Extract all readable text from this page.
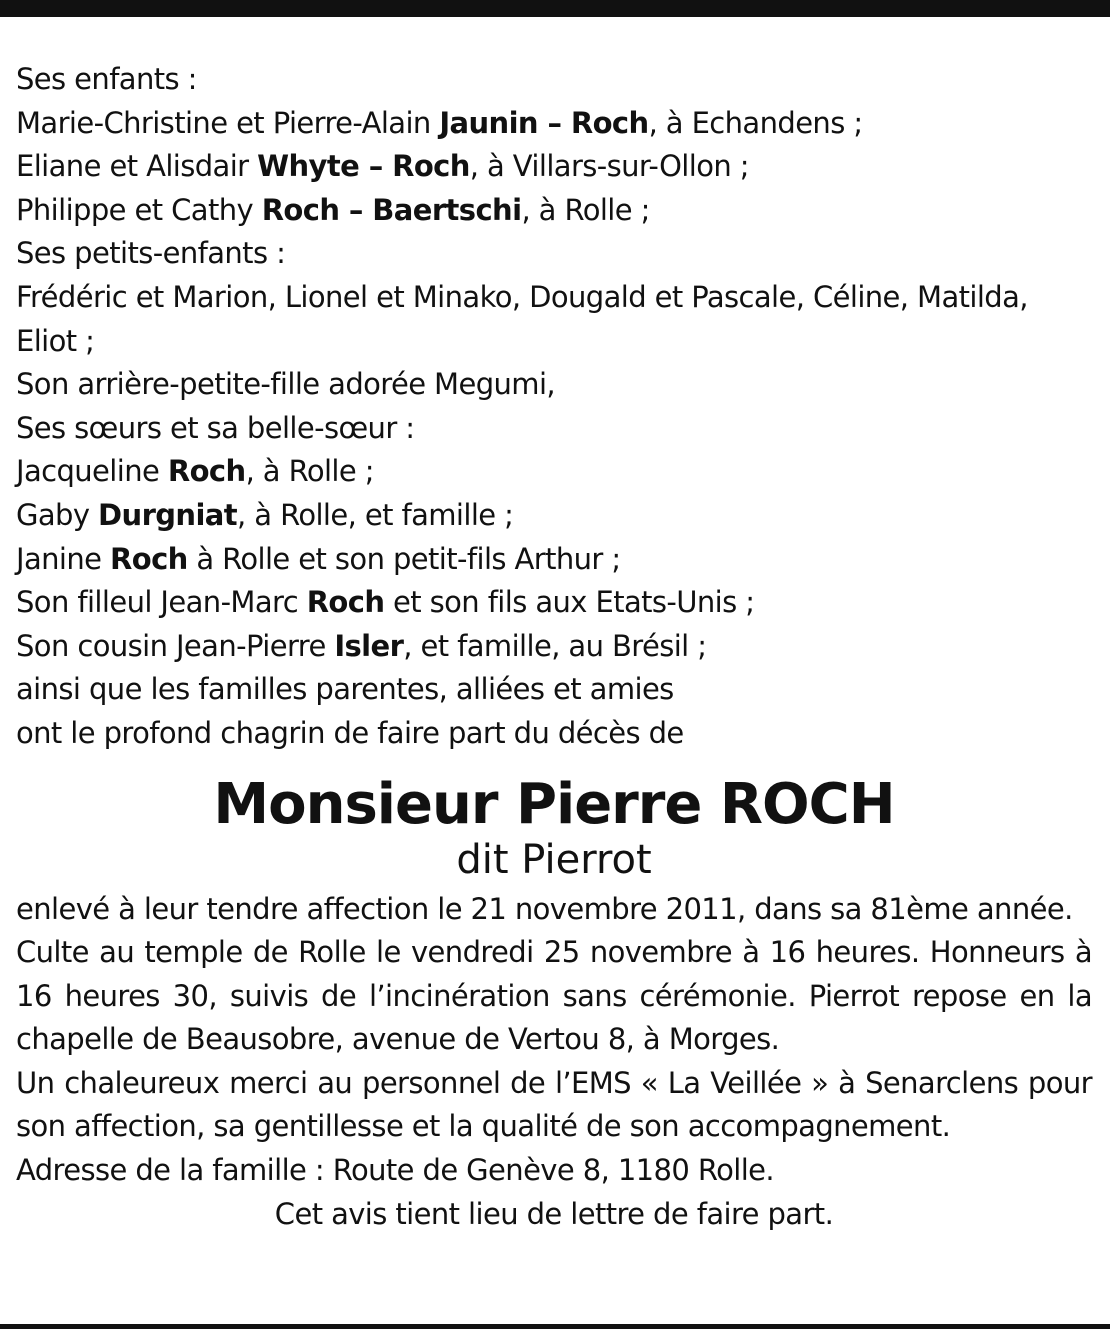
Ses enfants :
Marie-Christine et Pierre-Alain Jaunin – Roch, à Echandens ;
Eliane et Alisdair Whyte – Roch, à Villars-sur-Ollon ;
Philippe et Cathy Roch – Baertschi, à Rolle ;
Ses petits-enfants :
Frédéric et Marion, Lionel et Minako, Dougald et Pascale, Céline, Matilda, Eliot ;
Son arrière-petite-fille adorée Megumi,
Ses sœurs et sa belle-sœur :
Jacqueline Roch, à Rolle ;
Gaby Durgniat, à Rolle, et famille ;
Janine Roch à Rolle et son petit-fils Arthur ;
Son filleul Jean-Marc Roch et son fils aux Etats-Unis ;
Son cousin Jean-Pierre Isler, et famille, au Brésil ;
ainsi que les familles parentes, alliées et amies
ont le profond chagrin de faire part du décès de
Monsieur Pierre ROCH
dit Pierrot

enlevé à leur tendre affection le 21 novembre 2011, dans sa 81ème année.

Culte au temple de Rolle le vendredi 25 novembre à 16 heures. Honneurs à 16 heures 30, suivis de l’incinération sans cérémonie. Pierrot repose en la chapelle de Beausobre, avenue de Vertou 8, à Morges.

Un chaleureux merci au personnel de l’EMS « La Veillée » à Senarclens pour son affection, sa gentillesse et la qualité de son accompagnement.

Adresse de la famille : Route de Genève 8, 1180 Rolle.

Cet avis tient lieu de lettre de faire part.
